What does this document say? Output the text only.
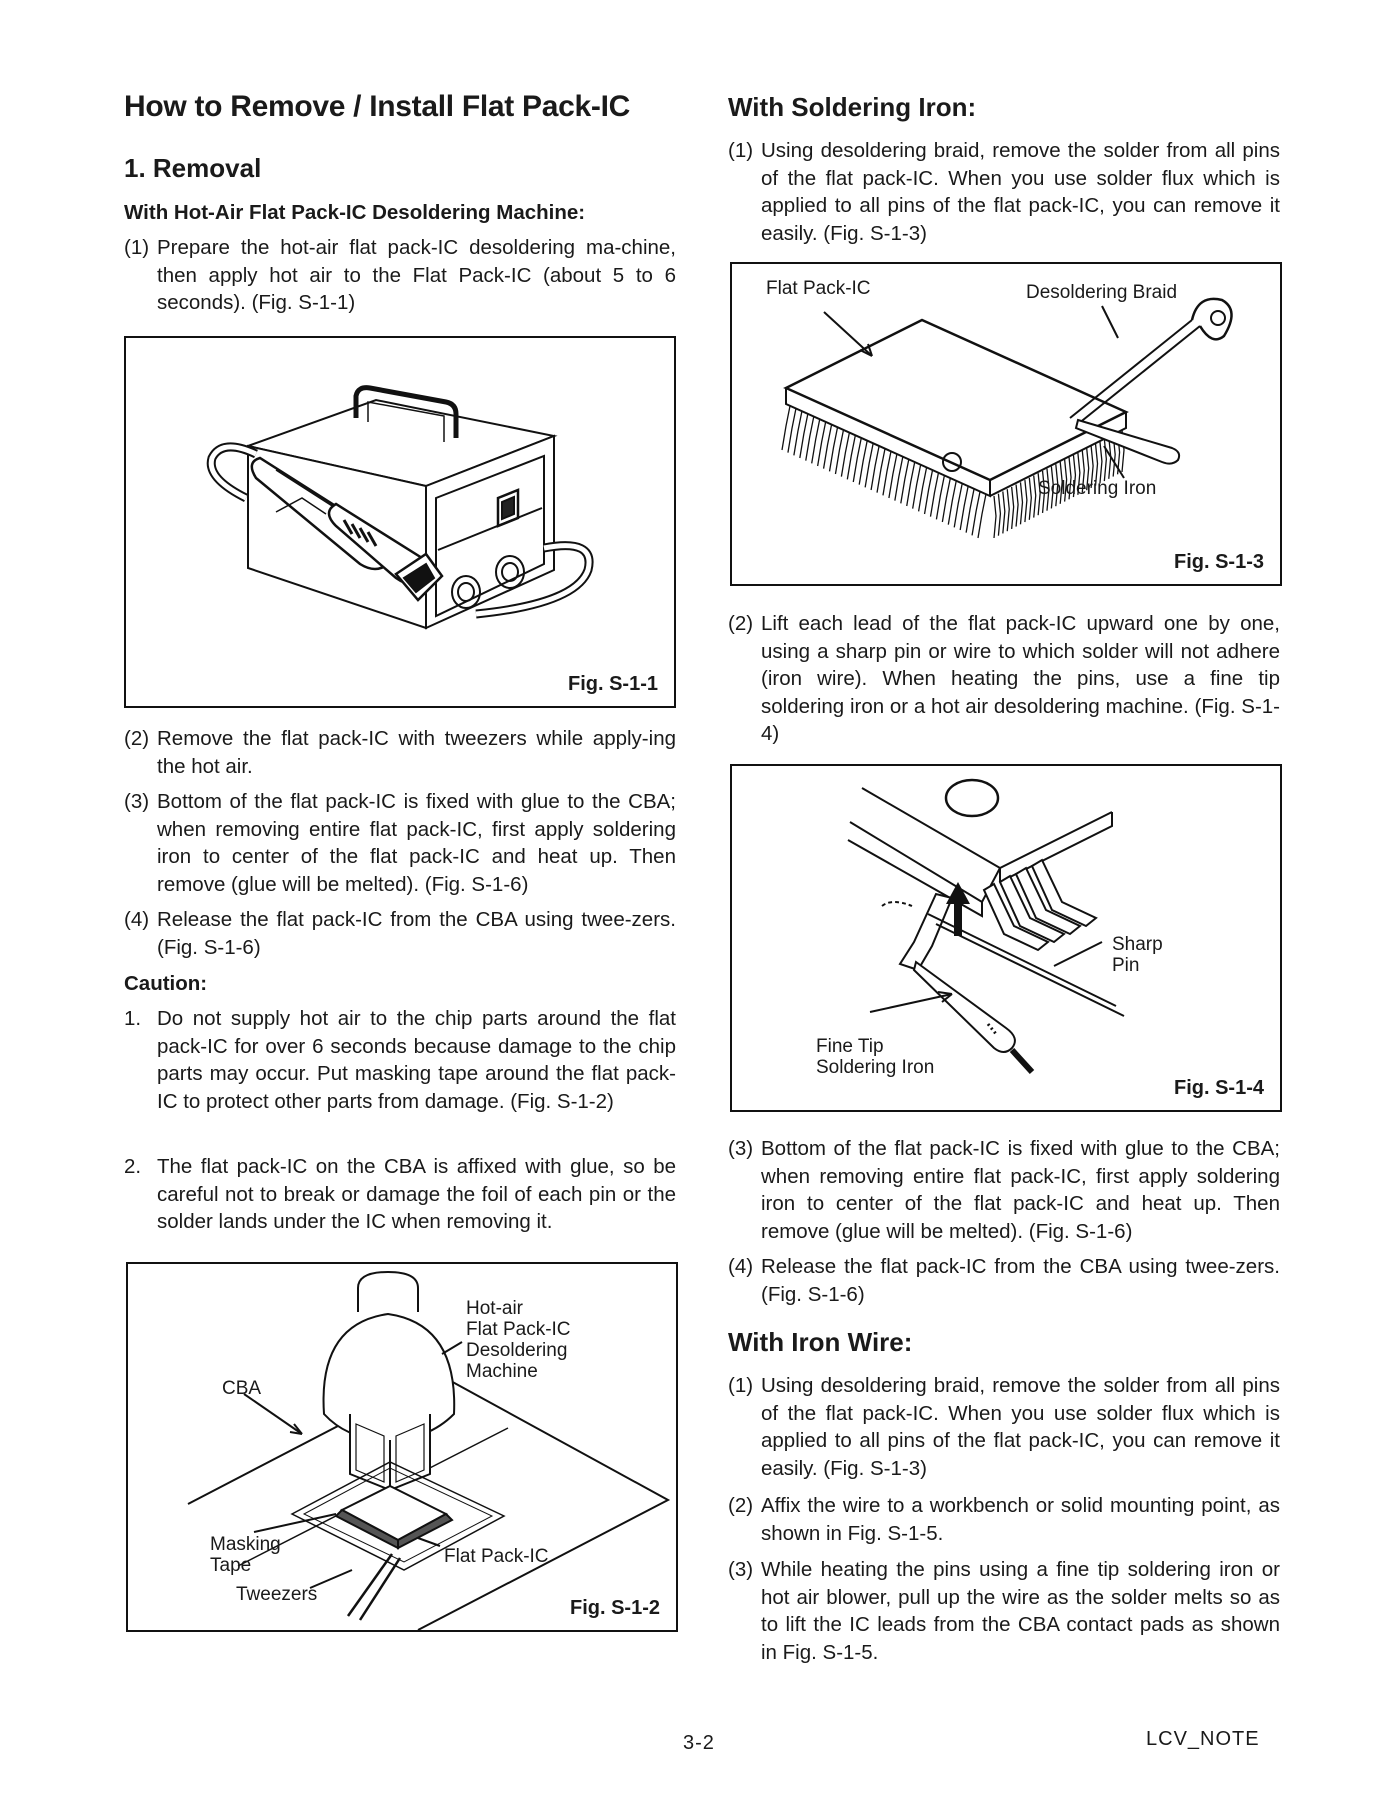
How to Remove / Install Flat Pack-IC
1. Removal
With Hot-Air Flat Pack-IC Desoldering Machine:
(1) Prepare the hot-air flat pack-IC desoldering ma-chine, then apply hot air to the Flat Pack-IC (about 5 to 6 seconds). (Fig. S-1-1)
Fig. S-1-1
(2) Remove the flat pack-IC with tweezers while apply-ing the hot air.
(3) Bottom of the flat pack-IC is fixed with glue to the CBA; when removing entire flat pack-IC, first apply soldering iron to center of the flat pack-IC and heat up. Then remove (glue will be melted). (Fig. S-1-6)
(4) Release the flat pack-IC from the CBA using twee-zers. (Fig. S-1-6)
Caution:
1. Do not supply hot air to the chip parts around the flat pack-IC for over 6 seconds because damage to the chip parts may occur. Put masking tape around the flat pack-IC to protect other parts from damage. (Fig. S-1-2)
2. The flat pack-IC on the CBA is affixed with glue, so be careful not to break or damage the foil of each pin or the solder lands under the IC when removing it.
Hot-air
Flat Pack-IC
Desoldering
Machine
CBA
Masking
Tape
Tweezers
Flat Pack-IC
Fig. S-1-2
With Soldering Iron:
(1) Using desoldering braid, remove the solder from all pins of the flat pack-IC. When you use solder flux which is applied to all pins of the flat pack-IC, you can remove it easily. (Fig. S-1-3)
Flat Pack-IC	Desoldering Braid
Soldering Iron
Fig. S-1-3
(2) Lift each lead of the flat pack-IC upward one by one, using a sharp pin or wire to which solder will not adhere (iron wire). When heating the pins, use a fine tip soldering iron or a hot air desoldering machine. (Fig. S-1-4)
Sharp
Pin
Fine Tip
Soldering Iron
Fig. S-1-4
(3) Bottom of the flat pack-IC is fixed with glue to the CBA; when removing entire flat pack-IC, first apply soldering iron to center of the flat pack-IC and heat up. Then remove (glue will be melted). (Fig. S-1-6)
(4) Release the flat pack-IC from the CBA using twee-zers. (Fig. S-1-6)
With Iron Wire:
(1) Using desoldering braid, remove the solder from all pins of the flat pack-IC. When you use solder flux which is applied to all pins of the flat pack-IC, you can remove it easily. (Fig. S-1-3)
(2) Affix the wire to a workbench or solid mounting point, as shown in Fig. S-1-5.
(3) While heating the pins using a fine tip soldering iron or hot air blower, pull up the wire as the solder melts so as to lift the IC leads from the CBA contact pads as shown in Fig. S-1-5.
3-2	LCV_NOTE
